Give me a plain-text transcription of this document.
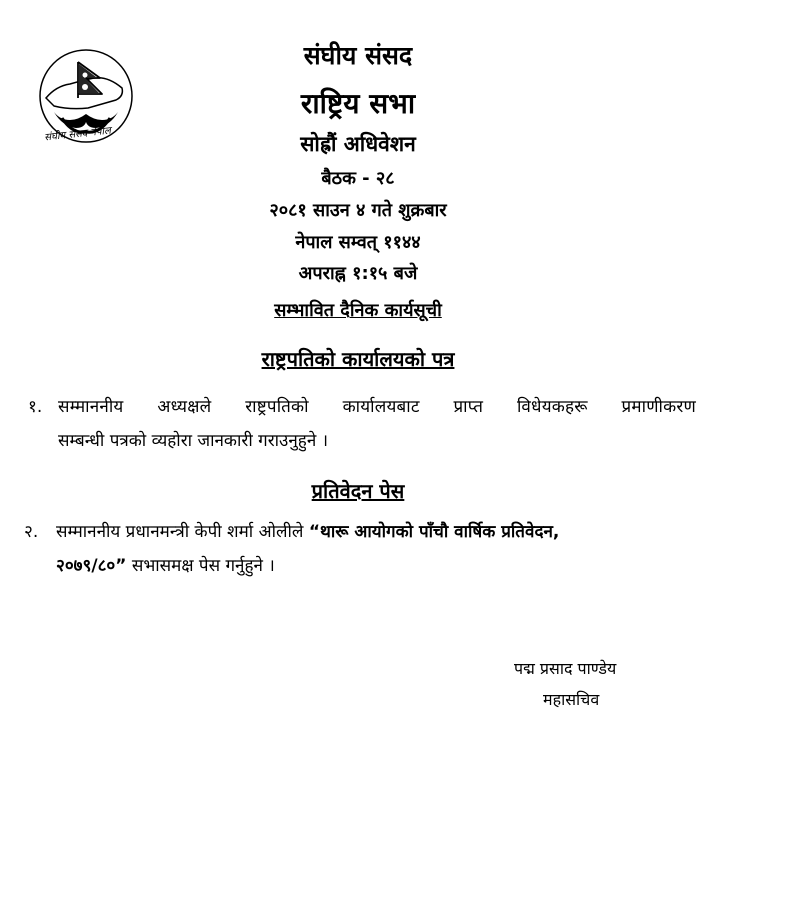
संघीय संसद नेपाल
संघीय संसद
राष्ट्रिय सभा
सोह्रौं अधिवेशन
बैठक - २८
२०८१ साउन ४ गते शुक्रबार
नेपाल सम्वत् ११४४
अपराह्न १:१५ बजे
सम्भावित दैनिक कार्यसूची
राष्ट्रपतिको कार्यालयको पत्र
१. सम्माननीय अध्यक्षले राष्ट्रपतिको कार्यालयबाट प्राप्त विधेयकहरू प्रमाणीकरण
सम्बन्धी पत्रको व्यहोरा जानकारी गराउनुहुने ।
प्रतिवेदन पेस
२. सम्माननीय प्रधानमन्त्री केपी शर्मा ओलीले “थारू आयोगको पाँचौ वार्षिक प्रतिवेदन,
२०७९/८०” सभासमक्ष पेस गर्नुहुने ।
पद्म प्रसाद पाण्डेय
महासचिव
